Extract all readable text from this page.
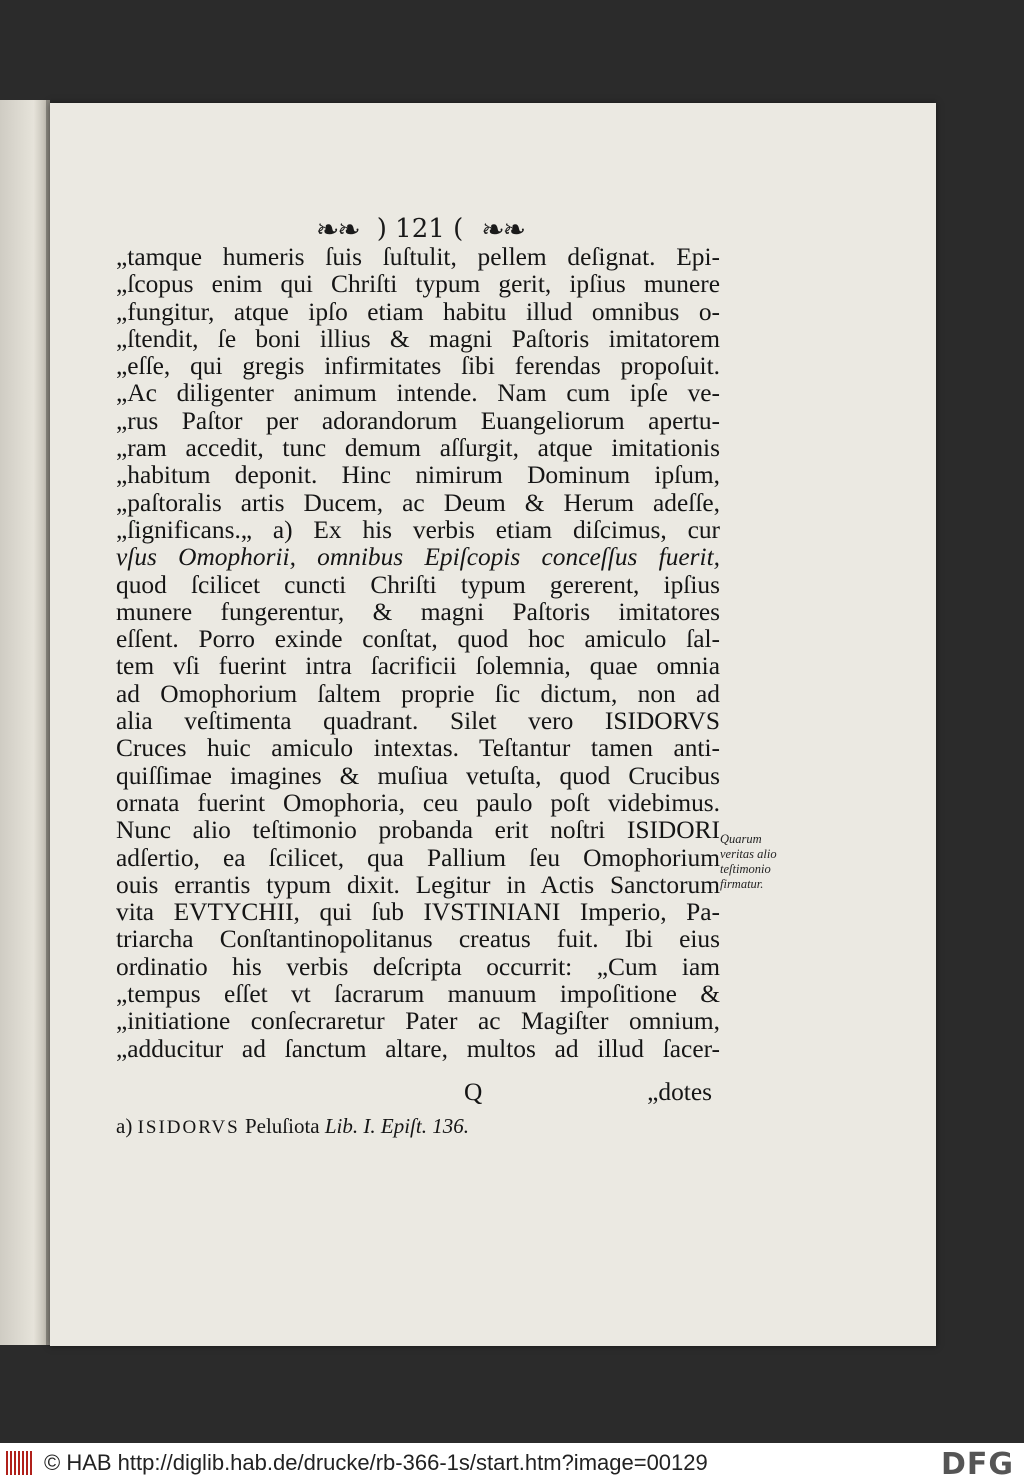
❧❧ ) 121 ( ❧❧
„tamque humeris ſuis ſuſtulit, pellem deſignat. Epi-
„ſcopus enim qui Chriſti typum gerit, ipſius munere
„fungitur, atque ipſo etiam habitu illud omnibus o-
„ſtendit, ſe boni illius & magni Paſtoris imitatorem
„eſſe, qui gregis infirmitates ſibi ferendas propoſuit.
„Ac diligenter animum intende. Nam cum ipſe ve-
„rus Paſtor per adorandorum Euangeliorum apertu-
„ram accedit, tunc demum aſſurgit, atque imitationis
„habitum deponit. Hinc nimirum Dominum ipſum,
„paſtoralis artis Ducem, ac Deum & Herum adeſſe,
„ſignificans.„ a) Ex his verbis etiam diſcimus, cur
vſus Omophorii, omnibus Epiſcopis conceſſus fuerit,
quod ſcilicet cuncti Chriſti typum gererent, ipſius
munere fungerentur, & magni Paſtoris imitatores
eſſent. Porro exinde conſtat, quod hoc amiculo ſal-
tem vſi fuerint intra ſacrificii ſolemnia, quae omnia
ad Omophorium ſaltem proprie ſic dictum, non ad
alia veſtimenta quadrant. Silet vero ISIDORVS
Cruces huic amiculo intextas. Teſtantur tamen anti-
quiſſimae imagines & muſiua vetuſta, quod Crucibus
ornata fuerint Omophoria, ceu paulo poſt videbimus.
Nunc alio teſtimonio probanda erit noſtri ISIDORI
adſertio, ea ſcilicet, qua Pallium ſeu Omophorium
ouis errantis typum dixit. Legitur in Actis Sanctorum
vita EVTYCHII, qui ſub IVSTINIANI Imperio, Pa-
triarcha Conſtantinopolitanus creatus fuit. Ibi eius
ordinatio his verbis deſcripta occurrit: „Cum iam
„tempus eſſet vt ſacrarum manuum impoſitione &
„initiatione conſecraretur Pater ac Magiſter omnium,
„adducitur ad ſanctum altare, multos ad illud ſacer-
Q	„dotes
a) ISIDORVS Peluſiota Lib. I. Epiſt. 136.
Quarum
veritas alio
teſtimonio
firmatur.
© HAB http://diglib.hab.de/drucke/rb-366-1s/start.htm?image=00129	DFG
